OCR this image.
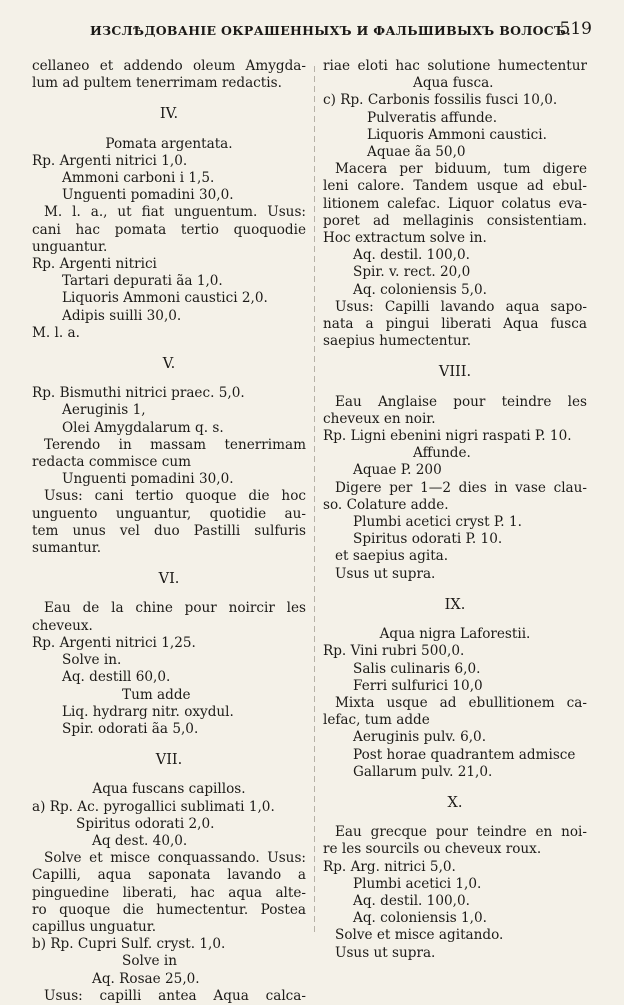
ИЗСЛѢДОВАНІЕ ОКРАШЕННЫХЪ И ФАЛЬШИВЫХЪ ВОЛОСЪ.
519
cellaneo et addendo oleum Amygda-
lum ad pultem tenerrimam redactis.
IV.
Pomata argentata.
Rp. Argenti nitrici 1,0.
Ammoni carboni i 1,5.
Unguenti pomadini 30,0.
M. l. a., ut fiat unguentum. Usus:
cani hac pomata tertio quoquodie
unguantur.
Rp. Argenti nitrici
Tartari depurati ãa 1,0.
Liquoris Ammoni caustici 2,0.
Adipis suilli 30,0.
M. l. a.
V.
Rp. Bismuthi nitrici praec. 5,0.
Aeruginis 1,
Olei Amygdalarum q. s.
Terendo in massam tenerrimam
redacta commisce cum
Unguenti pomadini 30,0.
Usus: cani tertio quoque die hoc
unguento unguantur, quotidie au-
tem unus vel duo Pastilli sulfuris
sumantur.
VI.
Eau de la chine pour noircir les
cheveux.
Rp. Argenti nitrici 1,25.
Solve in.
Aq. destill 60,0.
Tum adde
Liq. hydrarg nitr. oxydul.
Spir. odorati ãa 5,0.
VII.
Aqua fuscans capillos.
a) Rp. Ac. pyrogallici sublimati 1,0.
Spiritus odorati 2,0.
Aq dest. 40,0.
Solve et misce conquassando. Usus:
Capilli, aqua saponata lavando a
pinguedine liberati, hac aqua alte-
ro quoque die humectentur. Postea
capillus unguatur.
b) Rp. Cupri Sulf. cryst. 1,0.
Solve in
Aq. Rosae 25,0.
Usus: capilli antea Aqua calca-
riae eloti hac solutione humectentur
Aqua fusca.
c) Rp. Carbonis fossilis fusci 10,0.
Pulveratis affunde.
Liquoris Ammoni caustici.
Aquae ãa 50,0
Macera per biduum, tum digere
leni calore. Tandem usque ad ebul-
litionem calefac. Liquor colatus eva-
poret ad mellaginis consistentiam.
Hoc extractum solve in.
Aq. destil. 100,0.
Spir. v. rect. 20,0
Aq. coloniensis 5,0.
Usus: Capilli lavando aqua sapo-
nata a pingui liberati Aqua fusca
saepius humectentur.
VIII.
Eau Anglaise pour teindre les
cheveux en noir.
Rp. Ligni ebenini nigri raspati P. 10.
Affunde.
Aquae P. 200
Digere per 1—2 dies in vase clau-
so. Colature adde.
Plumbi acetici cryst P. 1.
Spiritus odorati P. 10.
et saepius agita.
Usus ut supra.
IX.
Aqua nigra Laforestii.
Rp. Vini rubri 500,0.
Salis culinaris 6,0.
Ferri sulfurici 10,0
Mixta usque ad ebullitionem ca-
lefac, tum adde
Aeruginis pulv. 6,0.
Post horae quadrantem admisce
Gallarum pulv. 21,0.
X.
Eau grecque pour teindre en noi-
re les sourcils ou cheveux roux.
Rp. Arg. nitrici 5,0.
Plumbi acetici 1,0.
Aq. destil. 100,0.
Aq. coloniensis 1,0.
Solve et misce agitando.
Usus ut supra.
